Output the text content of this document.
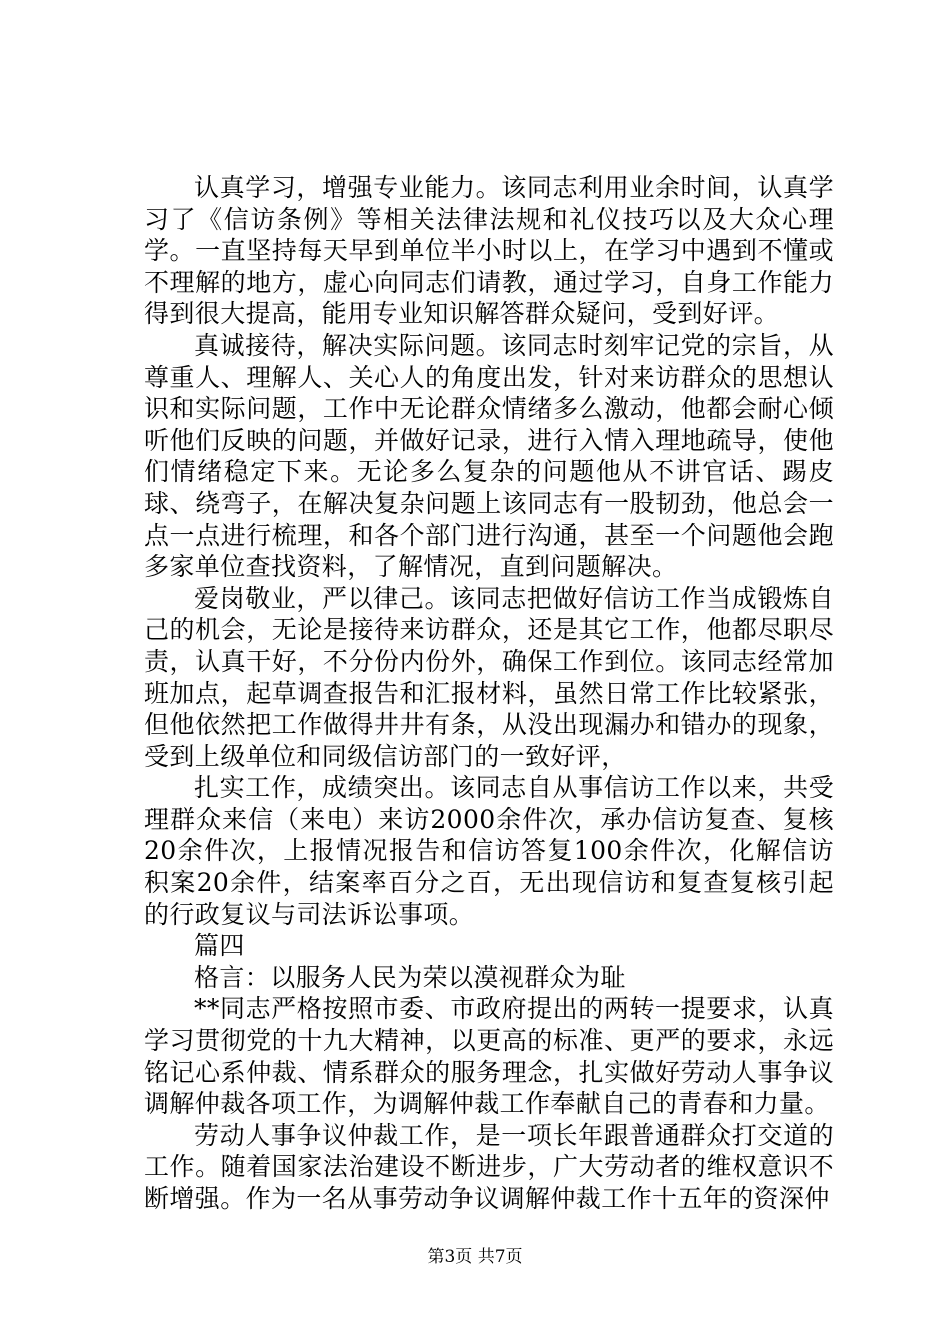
认真学习，增强专业能力。该同志利用业余时间，认真学习了《信访条例》等相关法律法规和礼仪技巧以及大众心理学。一直坚持每天早到单位半小时以上，在学习中遇到不懂或不理解的地方，虚心向同志们请教，通过学习，自身工作能力得到很大提高，能用专业知识解答群众疑问，受到好评。

真诚接待，解决实际问题。该同志时刻牢记党的宗旨，从尊重人、理解人、关心人的角度出发，针对来访群众的思想认识和实际问题，工作中无论群众情绪多么激动，他都会耐心倾听他们反映的问题，并做好记录，进行入情入理地疏导，使他们情绪稳定下来。无论多么复杂的问题他从不讲官话、踢皮球、绕弯子，在解决复杂问题上该同志有一股韧劲，他总会一点一点进行梳理，和各个部门进行沟通，甚至一个问题他会跑多家单位查找资料，了解情况，直到问题解决。

爱岗敬业，严以律己。该同志把做好信访工作当成锻炼自己的机会，无论是接待来访群众，还是其它工作，他都尽职尽责，认真干好，不分份内份外，确保工作到位。该同志经常加班加点，起草调查报告和汇报材料，虽然日常工作比较紧张，但他依然把工作做得井井有条，从没出现漏办和错办的现象，受到上级单位和同级信访部门的一致好评，

扎实工作，成绩突出。该同志自从事信访工作以来，共受理群众来信（来电）来访2000余件次，承办信访复查、复核20余件次，上报情况报告和信访答复100余件次，化解信访积案20余件，结案率百分之百，无出现信访和复查复核引起的行政复议与司法诉讼事项。

篇四

格言：以服务人民为荣以漠视群众为耻

**同志严格按照市委、市政府提出的两转一提要求，认真学习贯彻党的十九大精神，以更高的标准、更严的要求，永远铭记心系仲裁、情系群众的服务理念，扎实做好劳动人事争议调解仲裁各项工作，为调解仲裁工作奉献自己的青春和力量。

劳动人事争议仲裁工作，是一项长年跟普通群众打交道的工作。随着国家法治建设不断进步，广大劳动者的维权意识不断增强。作为一名从事劳动争议调解仲裁工作十五年的资深仲

第3页 共7页
